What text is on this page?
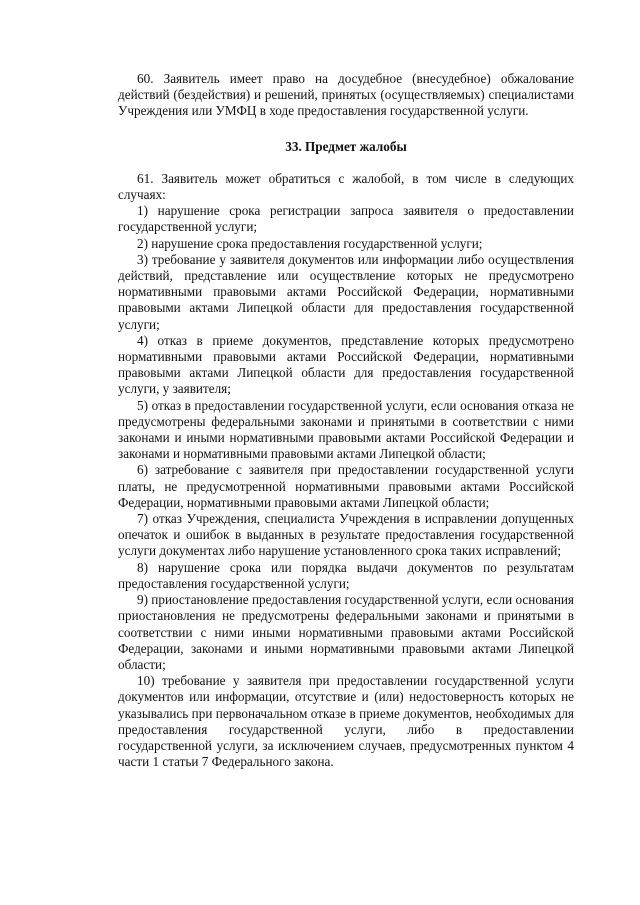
60. Заявитель имеет право на досудебное (внесудебное) обжалование действий (бездействия) и решений, принятых (осуществляемых) специалистами Учреждения или УМФЦ в ходе предоставления государственной услуги.

33. Предмет жалобы

61. Заявитель может обратиться с жалобой, в том числе в следующих случаях:

1) нарушение срока регистрации запроса заявителя о предоставлении государственной услуги;

2) нарушение срока предоставления государственной услуги;

3) требование у заявителя документов или информации либо осуществления действий, представление или осуществление которых не предусмотрено нормативными правовыми актами Российской Федерации, нормативными правовыми актами Липецкой области для предоставления государственной услуги;

4) отказ в приеме документов, представление которых предусмотрено нормативными правовыми актами Российской Федерации, нормативными правовыми актами Липецкой области для предоставления государственной услуги, у заявителя;

5) отказ в предоставлении государственной услуги, если основания отказа не предусмотрены федеральными законами и принятыми в соответствии с ними законами и иными нормативными правовыми актами Российской Федерации и законами и нормативными правовыми актами Липецкой области;

6) затребование с заявителя при предоставлении государственной услуги платы, не предусмотренной нормативными правовыми актами Российской Федерации, нормативными правовыми актами Липецкой области;

7) отказ Учреждения, специалиста Учреждения в исправлении допущенных опечаток и ошибок в выданных в результате предоставления государственной услуги документах либо нарушение установленного срока таких исправлений;

8) нарушение срока или порядка выдачи документов по результатам предоставления государственной услуги;

9) приостановление предоставления государственной услуги, если основания приостановления не предусмотрены федеральными законами и принятыми в соответствии с ними иными нормативными правовыми актами Российской Федерации, законами и иными нормативными правовыми актами Липецкой области;

10) требование у заявителя при предоставлении государственной услуги документов или информации, отсутствие и (или) недостоверность которых не указывались при первоначальном отказе в приеме документов, необходимых для предоставления государственной услуги, либо в предоставлении государственной услуги, за исключением случаев, предусмотренных пунктом 4 части 1 статьи 7 Федерального закона.
